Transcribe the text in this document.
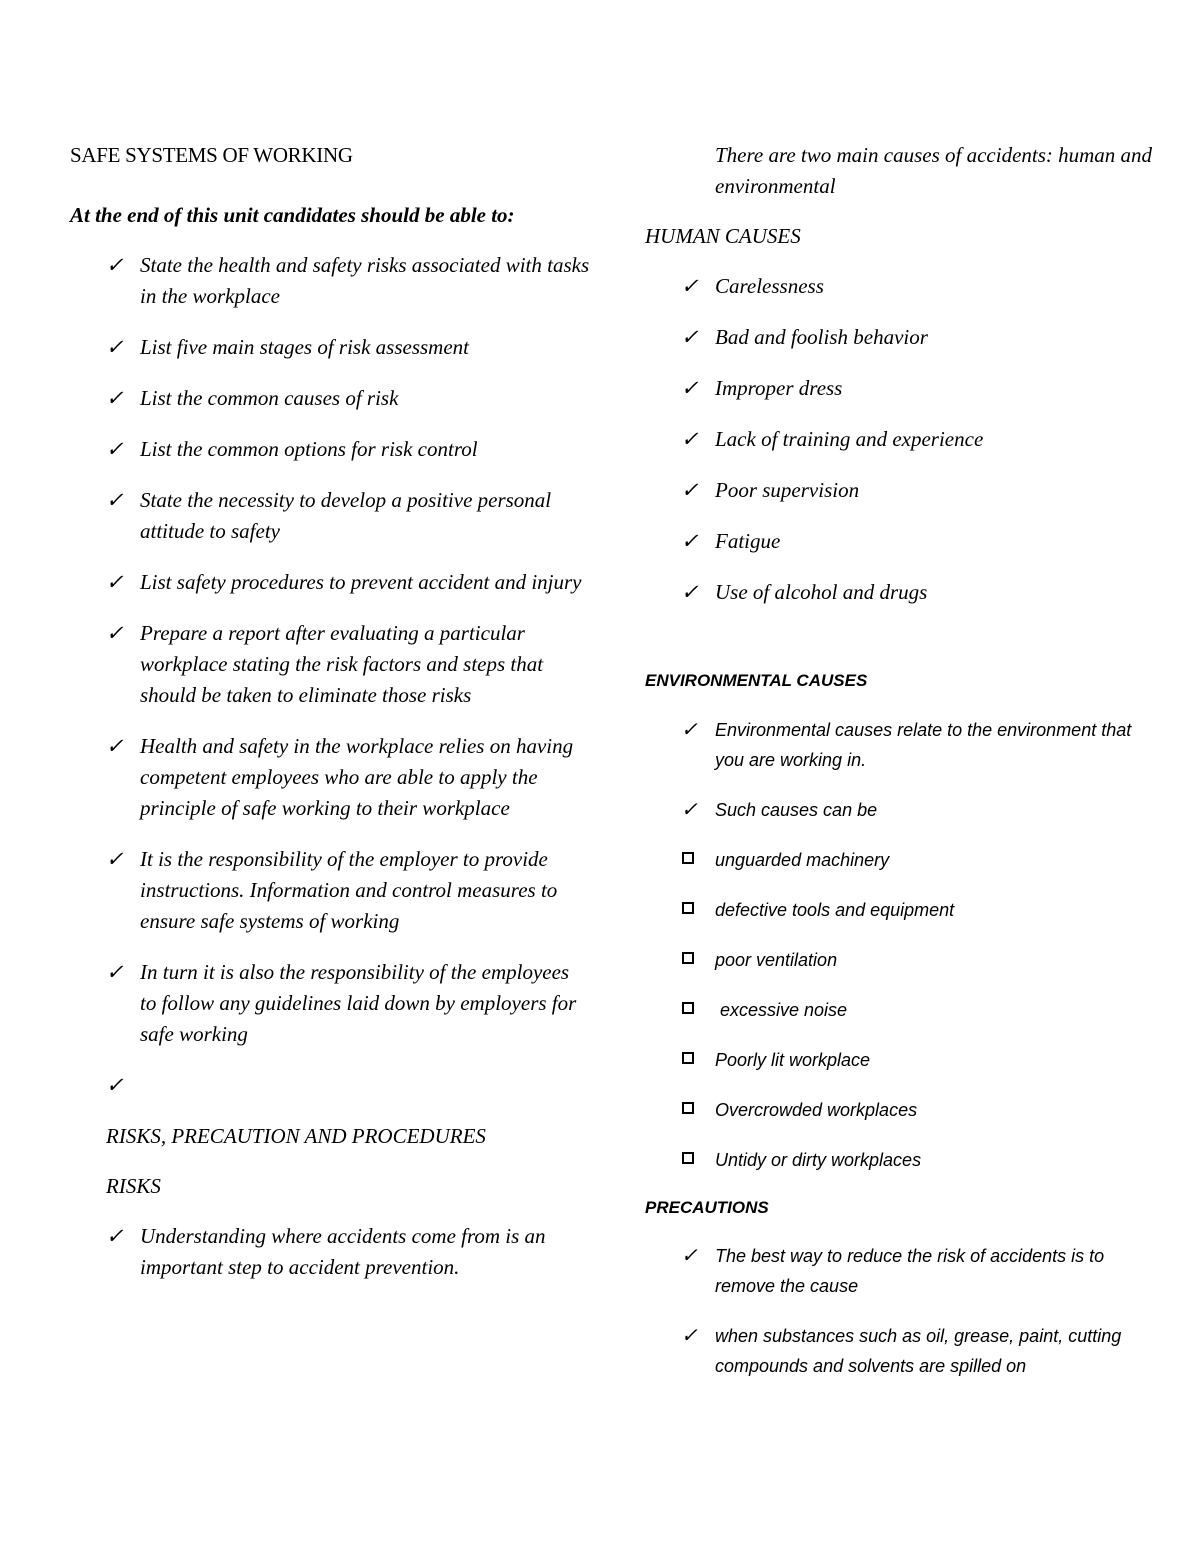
SAFE SYSTEMS OF WORKING
At the end of this unit candidates should be able to:
✓ State the health and safety risks associated with tasks in the workplace
✓ List five main stages of risk assessment
✓ List the common causes of risk
✓ List the common options for risk control
✓ State the necessity to develop a positive personal attitude to safety
✓ List safety procedures to prevent accident and injury
✓ Prepare a report after evaluating a particular workplace stating the risk factors and steps that should be taken to eliminate those risks
✓ Health and safety in the workplace relies on having competent employees who are able to apply the principle of safe working to their workplace
✓ It is the responsibility of the employer to provide instructions. Information and control measures to ensure safe systems of working
✓ In turn it is also the responsibility of the employees to follow any guidelines laid down by employers for safe working
✓

RISKS, PRECAUTION AND PROCEDURES
RISKS
✓ Understanding where accidents come from is an important step to accident prevention.
There are two main causes of accidents: human and environmental
HUMAN CAUSES
✓ Carelessness
✓ Bad and foolish behavior
✓ Improper dress
✓ Lack of training and experience
✓ Poor supervision
✓ Fatigue
✓ Use of alcohol and drugs
ENVIRONMENTAL CAUSES
✓ Environmental causes relate to the environment that you are working in.
✓ Such causes can be
unguarded machinery
defective tools and equipment
poor ventilation
excessive noise
Poorly lit workplace
Overcrowded workplaces
Untidy or dirty workplaces
PRECAUTIONS
✓ The best way to reduce the risk of accidents is to remove the cause
✓ when substances such as oil, grease, paint, cutting compounds and solvents are spilled on
